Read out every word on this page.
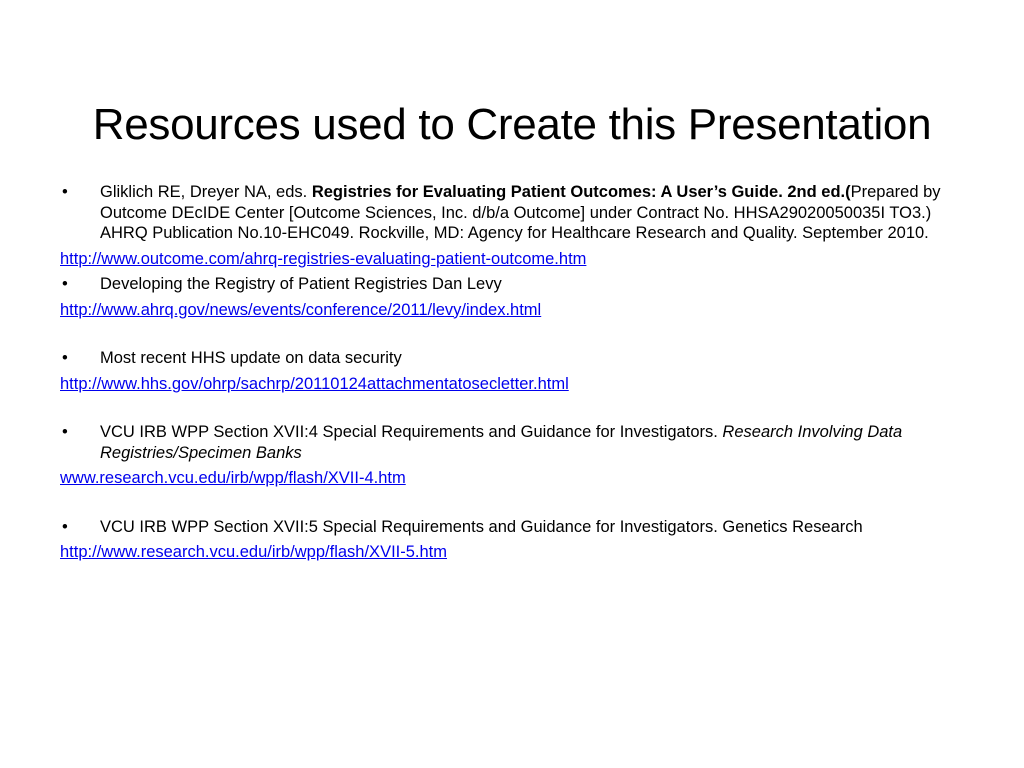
Resources used to Create this Presentation
• Gliklich RE, Dreyer NA, eds. Registries for Evaluating Patient Outcomes: A User’s Guide. 2nd ed.(Prepared by Outcome DEcIDE Center [Outcome Sciences, Inc. d/b/a Outcome] under Contract No. HHSA29020050035I TO3.) AHRQ Publication No.10-EHC049. Rockville, MD: Agency for Healthcare Research and Quality. September 2010.
http://www.outcome.com/ahrq-registries-evaluating-patient-outcome.htm
• Developing the Registry of Patient Registries Dan Levy
http://www.ahrq.gov/news/events/conference/2011/levy/index.html
• Most recent HHS update on data security
http://www.hhs.gov/ohrp/sachrp/20110124attachmentatosecletter.html
• VCU IRB WPP Section XVII:4 Special Requirements and Guidance for Investigators. Research Involving Data Registries/Specimen Banks
www.research.vcu.edu/irb/wpp/flash/XVII-4.htm
• VCU IRB WPP Section XVII:5 Special Requirements and Guidance for Investigators. Genetics Research
http://www.research.vcu.edu/irb/wpp/flash/XVII-5.htm
